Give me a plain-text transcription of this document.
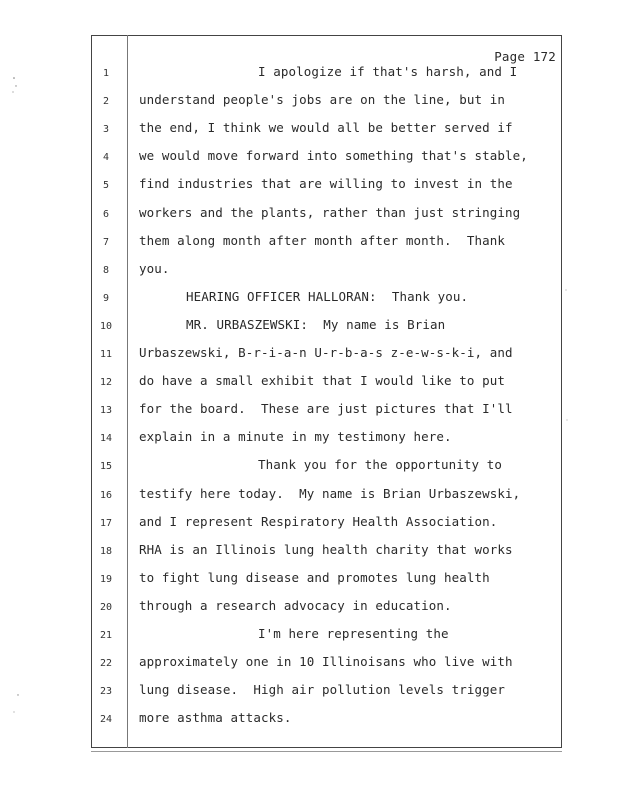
Page 172
1	I apologize if that's harsh, and I
2	understand people's jobs are on the line, but in
3	the end, I think we would all be better served if
4	we would move forward into something that's stable,
5	find industries that are willing to invest in the
6	workers and the plants, rather than just stringing
7	them along month after month after month.  Thank
8	you.
9	HEARING OFFICER HALLORAN:  Thank you.
10	MR. URBASZEWSKI:  My name is Brian
11	Urbaszewski, B-r-i-a-n U-r-b-a-s z-e-w-s-k-i, and
12	do have a small exhibit that I would like to put
13	for the board.  These are just pictures that I'll
14	explain in a minute in my testimony here.
15	Thank you for the opportunity to
16	testify here today.  My name is Brian Urbaszewski,
17	and I represent Respiratory Health Association.
18	RHA is an Illinois lung health charity that works
19	to fight lung disease and promotes lung health
20	through a research advocacy in education.
21	I'm here representing the
22	approximately one in 10 Illinoisans who live with
23	lung disease.  High air pollution levels trigger
24	more asthma attacks.
